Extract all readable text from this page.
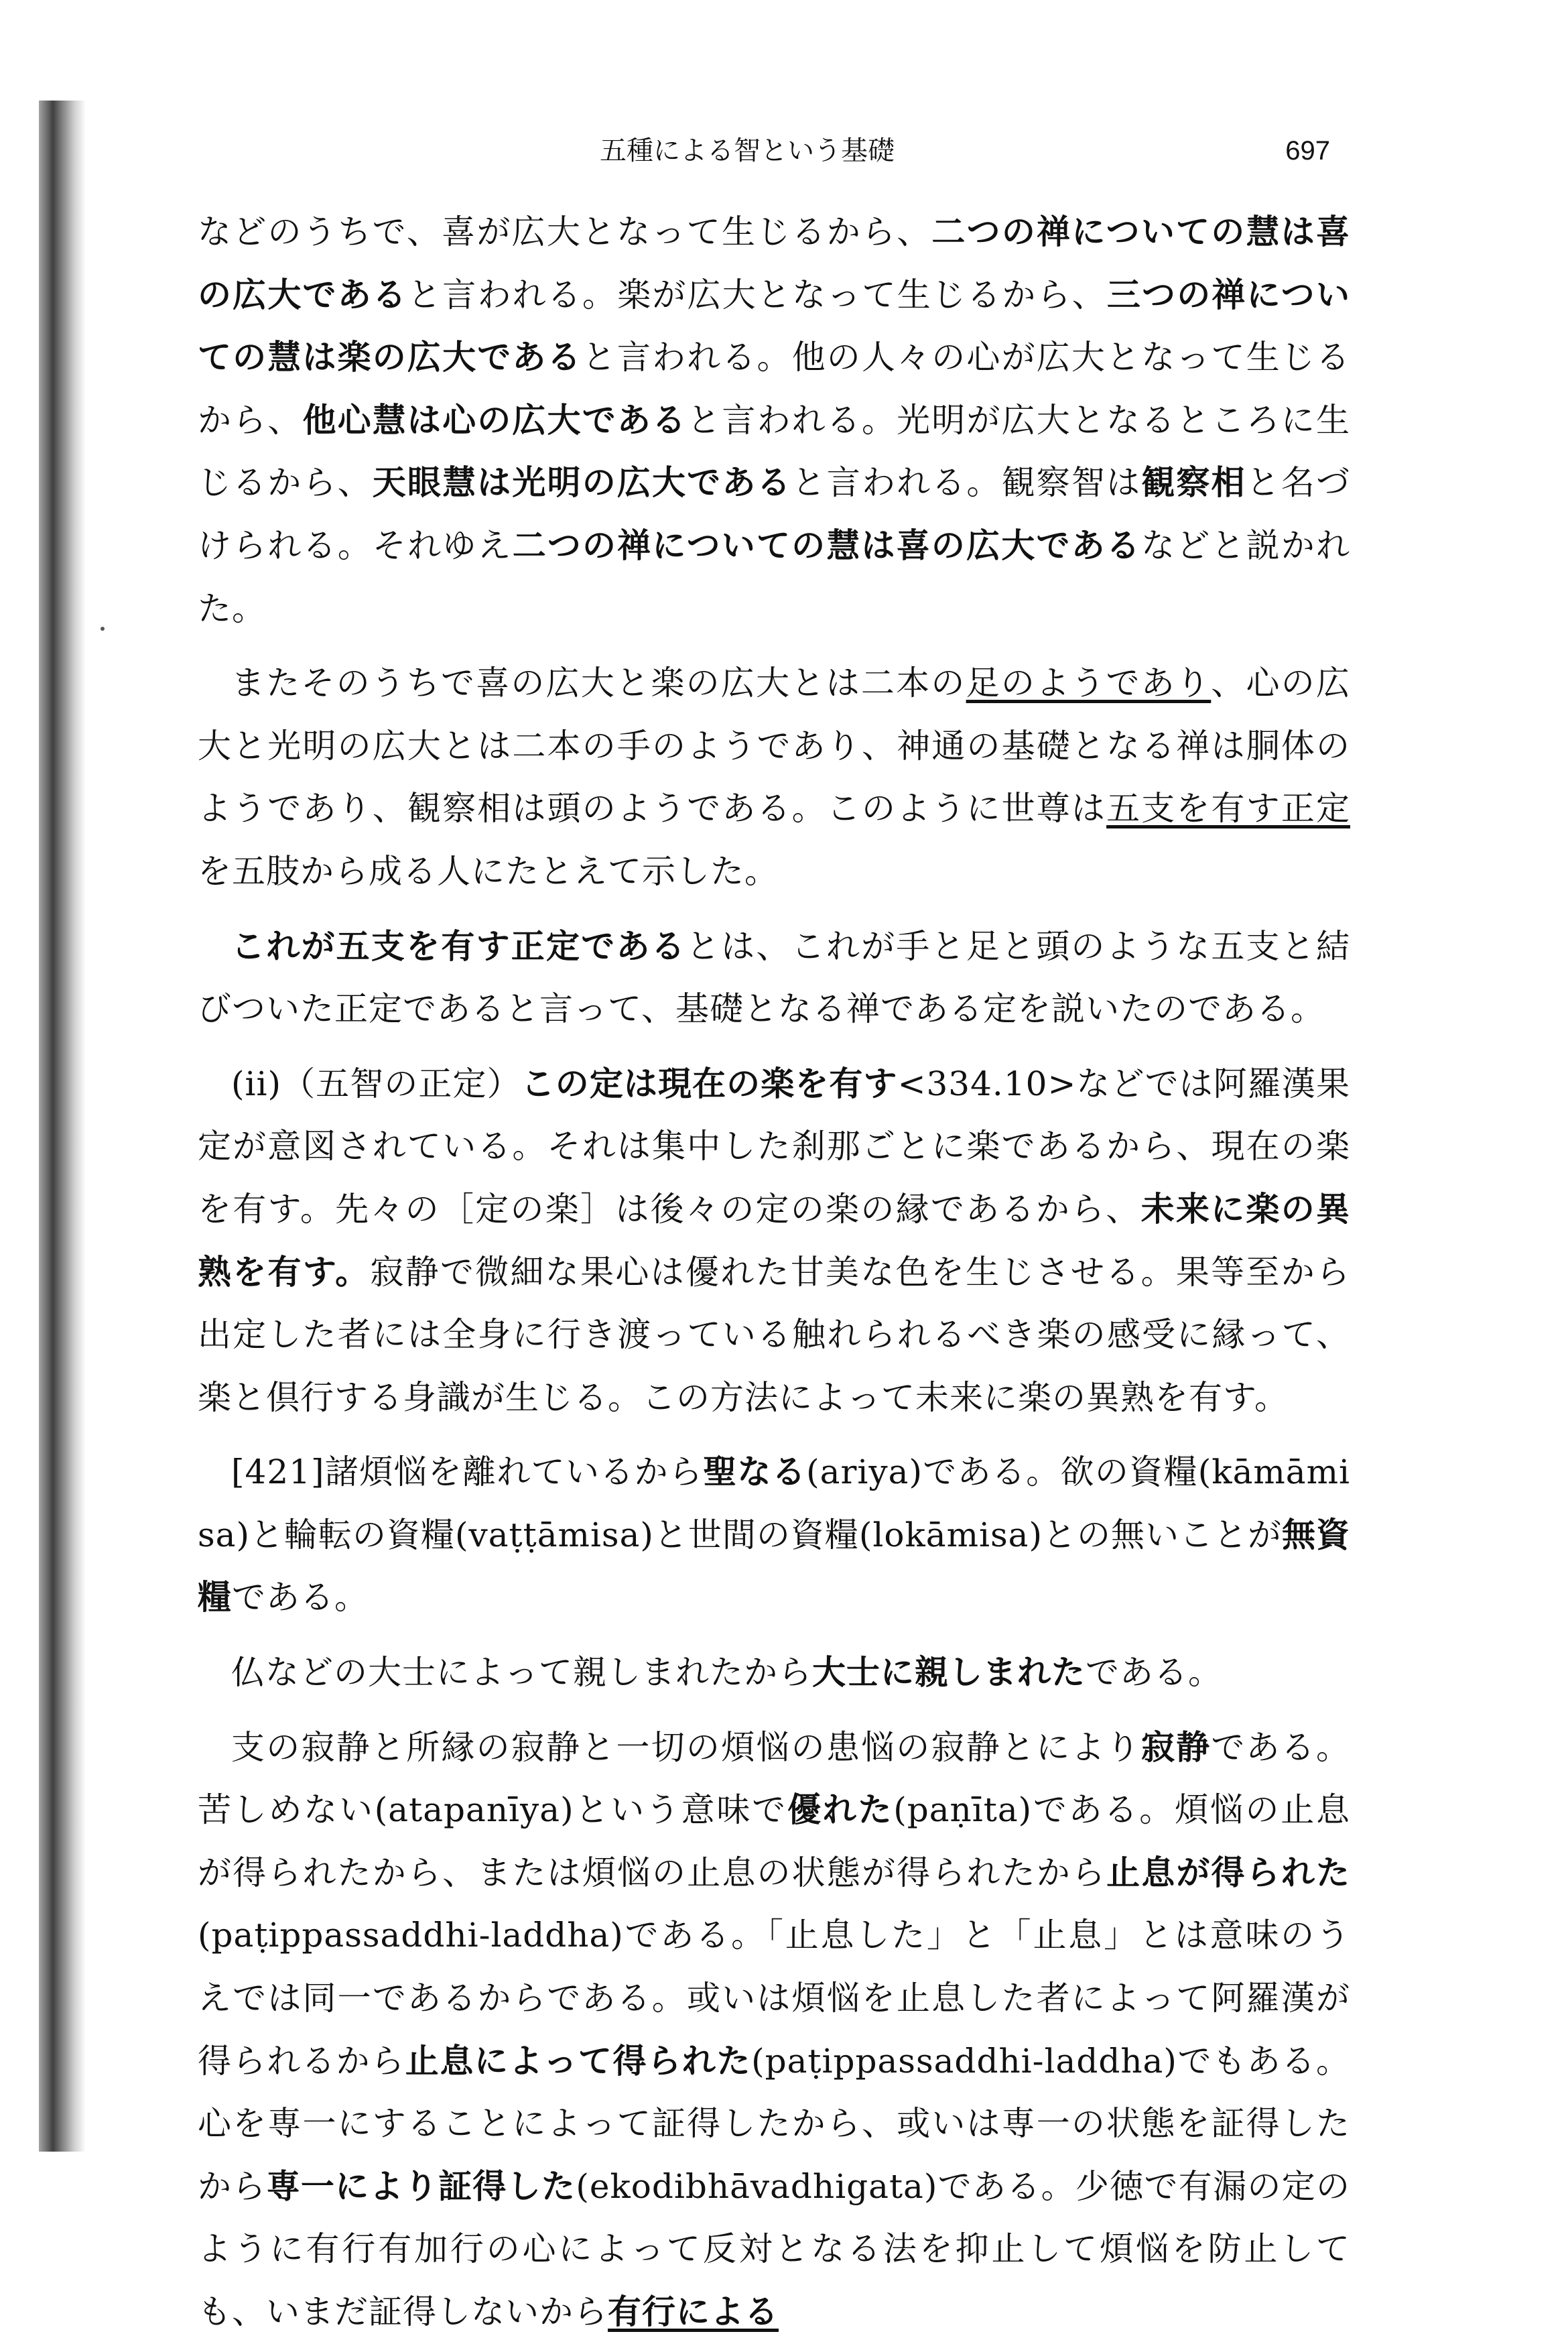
五種による智という基礎	697

などのうちで、喜が広大となって生じるから、二つの禅についての慧は喜の広大であると言われる。楽が広大となって生じるから、三つの禅についての慧は楽の広大であると言われる。他の人々の心が広大となって生じるから、他心慧は心の広大であると言われる。光明が広大となるところに生じるから、天眼慧は光明の広大であると言われる。観察智は観察相と名づけられる。それゆえ二つの禅についての慧は喜の広大であるなどと説かれた。

またそのうちで喜の広大と楽の広大とは二本の足のようであり、心の広大と光明の広大とは二本の手のようであり、神通の基礎となる禅は胴体のようであり、観察相は頭のようである。このように世尊は五支を有す正定を五肢から成る人にたとえて示した。

これが五支を有す正定であるとは、これが手と足と頭のような五支と結びついた正定であると言って、基礎となる禅である定を説いたのである。

(ii)（五智の正定）この定は現在の楽を有す<334.10>などでは阿羅漢果定が意図されている。それは集中した刹那ごとに楽であるから、現在の楽を有す。先々の［定の楽］は後々の定の楽の縁であるから、未来に楽の異熟を有す。寂静で微細な果心は優れた甘美な色を生じさせる。果等至から出定した者には全身に行き渡っている触れられるべき楽の感受に縁って、楽と倶行する身識が生じる。この方法によって未来に楽の異熟を有す。

[421]諸煩悩を離れているから聖なる(ariya)である。欲の資糧(kāmāmisa)と輪転の資糧(vaṭṭāmisa)と世間の資糧(lokāmisa)との無いことが無資糧である。

仏などの大士によって親しまれたから大士に親しまれたである。

支の寂静と所縁の寂静と一切の煩悩の患悩の寂静とにより寂静である。苦しめない(atapanīya)という意味で優れた(paṇīta)である。煩悩の止息が得られたから、または煩悩の止息の状態が得られたから止息が得られた(paṭippassaddhi-laddha)である。「止息した」と「止息」とは意味のうえでは同一であるからである。或いは煩悩を止息した者によって阿羅漢が得られるから止息によって得られた(paṭippassaddhi-laddha)でもある。心を専一にすることによって証得したから、或いは専一の状態を証得したから専一により証得した(ekodibhāvadhigata)である。少徳で有漏の定のように有行有加行の心によって反対となる法を抑止して煩悩を防止しても、いまだ証得しないから有行による
